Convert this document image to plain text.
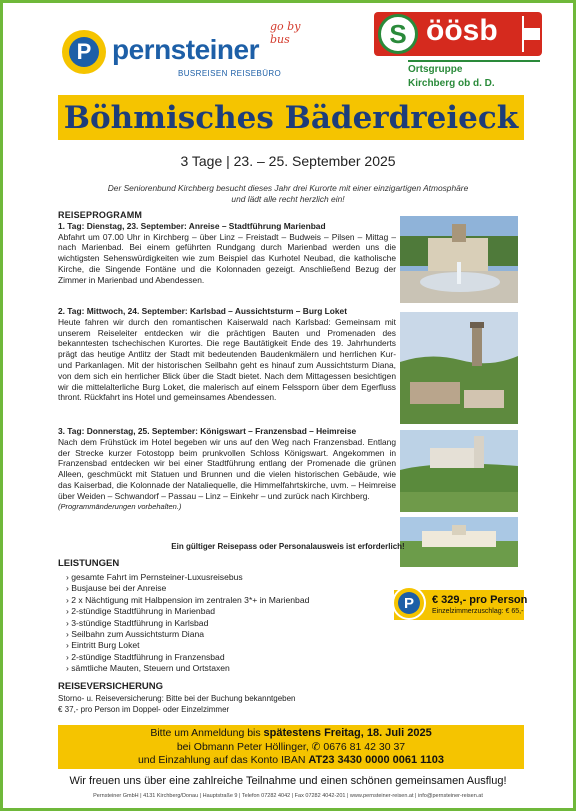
go by bus
P pernsteiner
BUSREISEN REISEBÜRO
S öösb
Ortsgruppe
Kirchberg ob d. D.
Böhmisches Bäderdreieck
3 Tage | 23. – 25. September 2025
Der Seniorenbund Kirchberg besucht dieses Jahr drei Kurorte mit einer einzigartigen Atmosphäre
und lädt alle recht herzlich ein!
REISEPROGRAMM
1. Tag: Dienstag, 23. September: Anreise – Stadtführung Marienbad
Abfahrt um 07.00 Uhr in Kirchberg – über Linz – Freistadt – Budweis – Pilsen – Mittag –nach Marienbad. Bei einem geführten Rundgang durch Marienbad werden uns die wichtigsten Sehenswürdigkeiten wie zum Beispiel das Kurhotel Neubad, die katholische Kirche, die Singende Fontäne und die Kolonnaden gezeigt. Anschließend Bezug der Zimmer in Marienbad und Abendessen.
2. Tag: Mittwoch, 24. September: Karlsbad – Aussichtsturm – Burg Loket
Heute fahren wir durch den romantischen Kaiserwald nach Karlsbad: Gemeinsam mit unserem Reiseleiter entdecken wir die prächtigen Bauten und Promenaden des bekanntesten tschechischen Kurortes. Die rege Bautätigkeit Ende des 19. Jahrhunderts prägt das heutige Antlitz der Stadt mit bedeutenden Baudenkmälern und herrlichen Kur- und Parkanlagen. Mit der historischen Seilbahn geht es hinauf zum Aussichtsturm Diana, von dem sich ein herrlicher Blick über die Stadt bietet. Nach dem Mittagessen besichtigen wir die mittelalterliche Burg Loket, die malerisch auf einem Felssporn über dem Egerfluss thront. Rückfahrt ins Hotel und gemeinsames Abendessen.
3. Tag: Donnerstag, 25. September: Königswart – Franzensbad – Heimreise
Nach dem Frühstück im Hotel begeben wir uns auf den Weg nach Franzensbad. Entlang der Strecke kurzer Fotostopp beim prunkvollen Schloss Königswart. Angekommen in Franzensbad entdecken wir bei einer Stadtführung entlang der Promenade die grünen Alleen, geschmückt mit Statuen und Brunnen und die vielen historischen Gebäude, wie das Kaiserbad, die Kolonnade der Nataliequelle, die Himmelfahrtskirche, uvm. – Heimreise über Weiden – Schwandorf – Passau – Linz – Einkehr – und zurück nach Kirchberg.
(Programmänderungen vorbehalten.)
Ein gültiger Reisepass oder Personalausweis ist erforderlich!
LEISTUNGEN
› gesamte Fahrt im Pernsteiner-Luxusreisebus
› Busjause bei der Anreise
› 2 x Nächtigung mit Halbpension im zentralen 3*+ in Marienbad
› 2-stündige Stadtführung in Marienbad
› 3-stündige Stadtführung in Karlsbad
› Seilbahn zum Aussichtsturm Diana
› Eintritt Burg Loket
› 2-stündige Stadtführung in Franzensbad
› sämtliche Mauten, Steuern und Ortstaxen
P	€ 329,- pro Person
Einzelzimmerzuschlag: € 65,-
REISEVERSICHERUNG
Storno- u. Reiseversicherung: Bitte bei der Buchung bekanntgeben
€ 37,- pro Person im Doppel- oder Einzelzimmer
Bitte um Anmeldung bis spätestens Freitag, 18. Juli 2025
bei Obmann Peter Höllinger, ✆ 0676 81 42 30 37
und Einzahlung auf das Konto IBAN AT23 3430 0000 0061 1103
Wir freuen uns über eine zahlreiche Teilnahme und einen schönen gemeinsamen Ausflug!
Pernsteiner GmbH | 4131 Kirchberg/Donau | Hauptstraße 9 | Telefon 07282 4042 | Fax 07282 4042-201 | www.pernsteiner-reisen.at | info@pernsteiner-reisen.at
